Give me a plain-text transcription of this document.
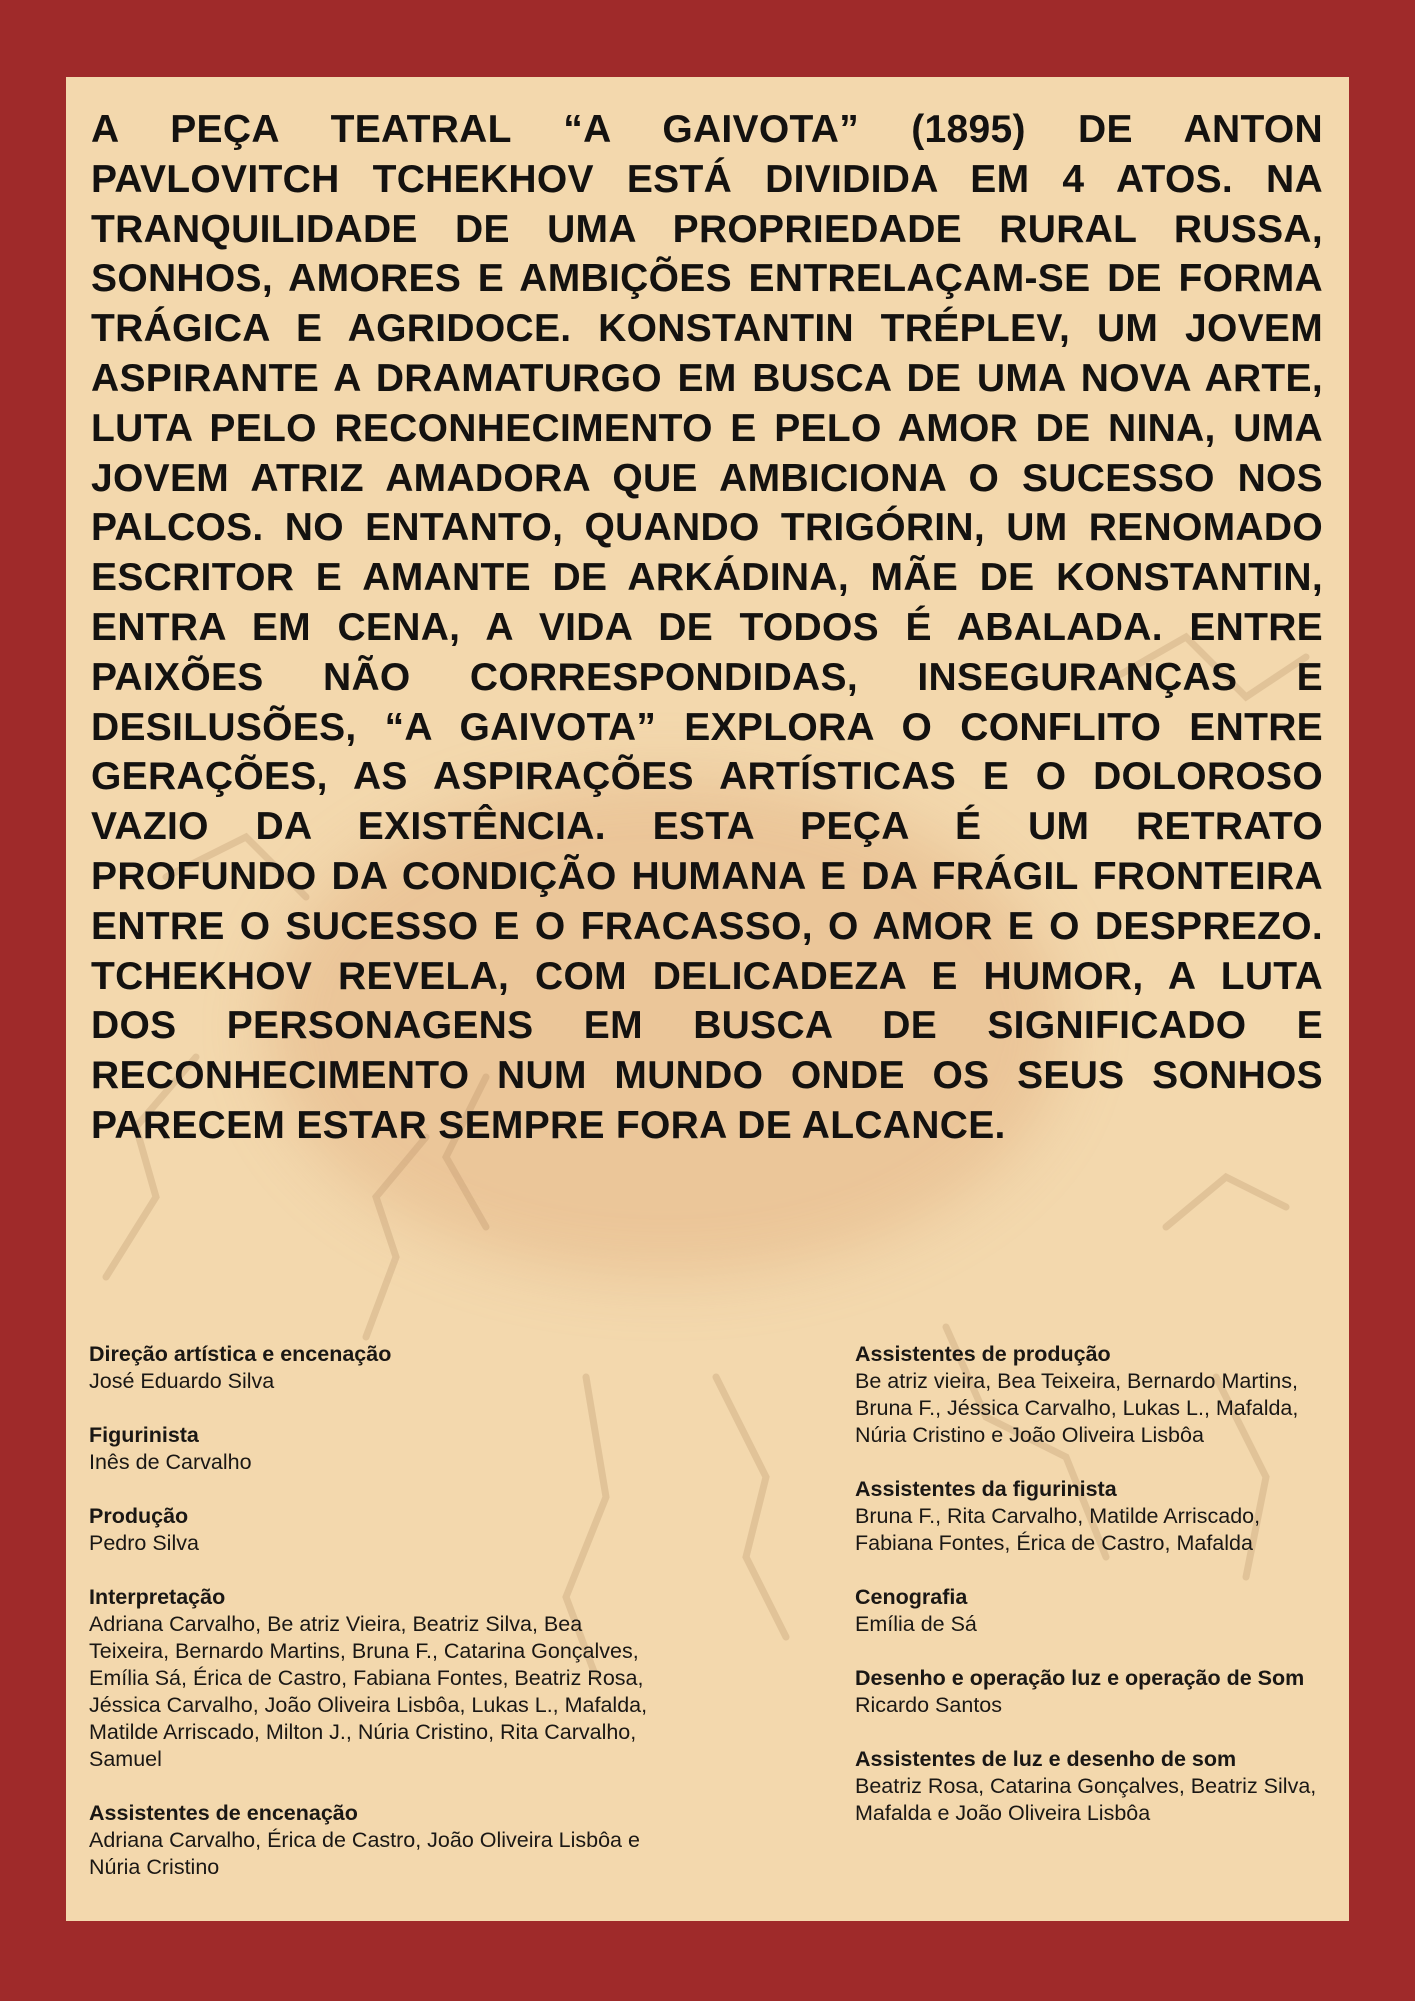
A PEÇA TEATRAL “A GAIVOTA” (1895) DE ANTON
PAVLOVITCH TCHEKHOV ESTÁ DIVIDIDA EM 4 ATOS. NA
TRANQUILIDADE DE UMA PROPRIEDADE RURAL RUSSA,
SONHOS, AMORES E AMBIÇÕES ENTRELAÇAM-SE DE FORMA
TRÁGICA E AGRIDOCE. KONSTANTIN TRÉPLEV, UM JOVEM
ASPIRANTE A DRAMATURGO EM BUSCA DE UMA NOVA ARTE,
LUTA PELO RECONHECIMENTO E PELO AMOR DE NINA, UMA
JOVEM ATRIZ AMADORA QUE AMBICIONA O SUCESSO NOS
PALCOS. NO ENTANTO, QUANDO TRIGÓRIN, UM RENOMADO
ESCRITOR E AMANTE DE ARKÁDINA, MÃE DE KONSTANTIN,
ENTRA EM CENA, A VIDA DE TODOS É ABALADA. ENTRE
PAIXÕES NÃO CORRESPONDIDAS, INSEGURANÇAS E
DESILUSÕES, “A GAIVOTA” EXPLORA O CONFLITO ENTRE
GERAÇÕES, AS ASPIRAÇÕES ARTÍSTICAS E O DOLOROSO
VAZIO DA EXISTÊNCIA. ESTA PEÇA É UM RETRATO
PROFUNDO DA CONDIÇÃO HUMANA E DA FRÁGIL FRONTEIRA
ENTRE O SUCESSO E O FRACASSO, O AMOR E O DESPREZO.
TCHEKHOV REVELA, COM DELICADEZA E HUMOR, A LUTA
DOS PERSONAGENS EM BUSCA DE SIGNIFICADO E
RECONHECIMENTO NUM MUNDO ONDE OS SEUS SONHOS
PARECEM ESTAR SEMPRE FORA DE ALCANCE.
Direção artística e encenação
José Eduardo Silva
Figurinista
Inês de Carvalho
Produção
Pedro Silva
Interpretação
Adriana Carvalho, Be atriz Vieira, Beatriz Silva, Bea Teixeira, Bernardo Martins, Bruna F., Catarina Gonçalves, Emília Sá, Érica de Castro, Fabiana Fontes, Beatriz Rosa, Jéssica Carvalho, João Oliveira Lisbôa, Lukas L., Mafalda, Matilde Arriscado, Milton J., Núria Cristino, Rita Carvalho, Samuel
Assistentes de encenação
Adriana Carvalho, Érica de Castro, João Oliveira Lisbôa e Núria Cristino
Assistentes de produção
Be atriz vieira, Bea Teixeira, Bernardo Martins, Bruna F., Jéssica Carvalho, Lukas L., Mafalda, Núria Cristino e João Oliveira Lisbôa
Assistentes da figurinista
Bruna F., Rita Carvalho, Matilde Arriscado, Fabiana Fontes, Érica de Castro, Mafalda
Cenografia
Emília de Sá
Desenho e operação luz e operação de Som
Ricardo Santos
Assistentes de luz e desenho de som
Beatriz Rosa, Catarina Gonçalves, Beatriz Silva, Mafalda e João Oliveira Lisbôa
